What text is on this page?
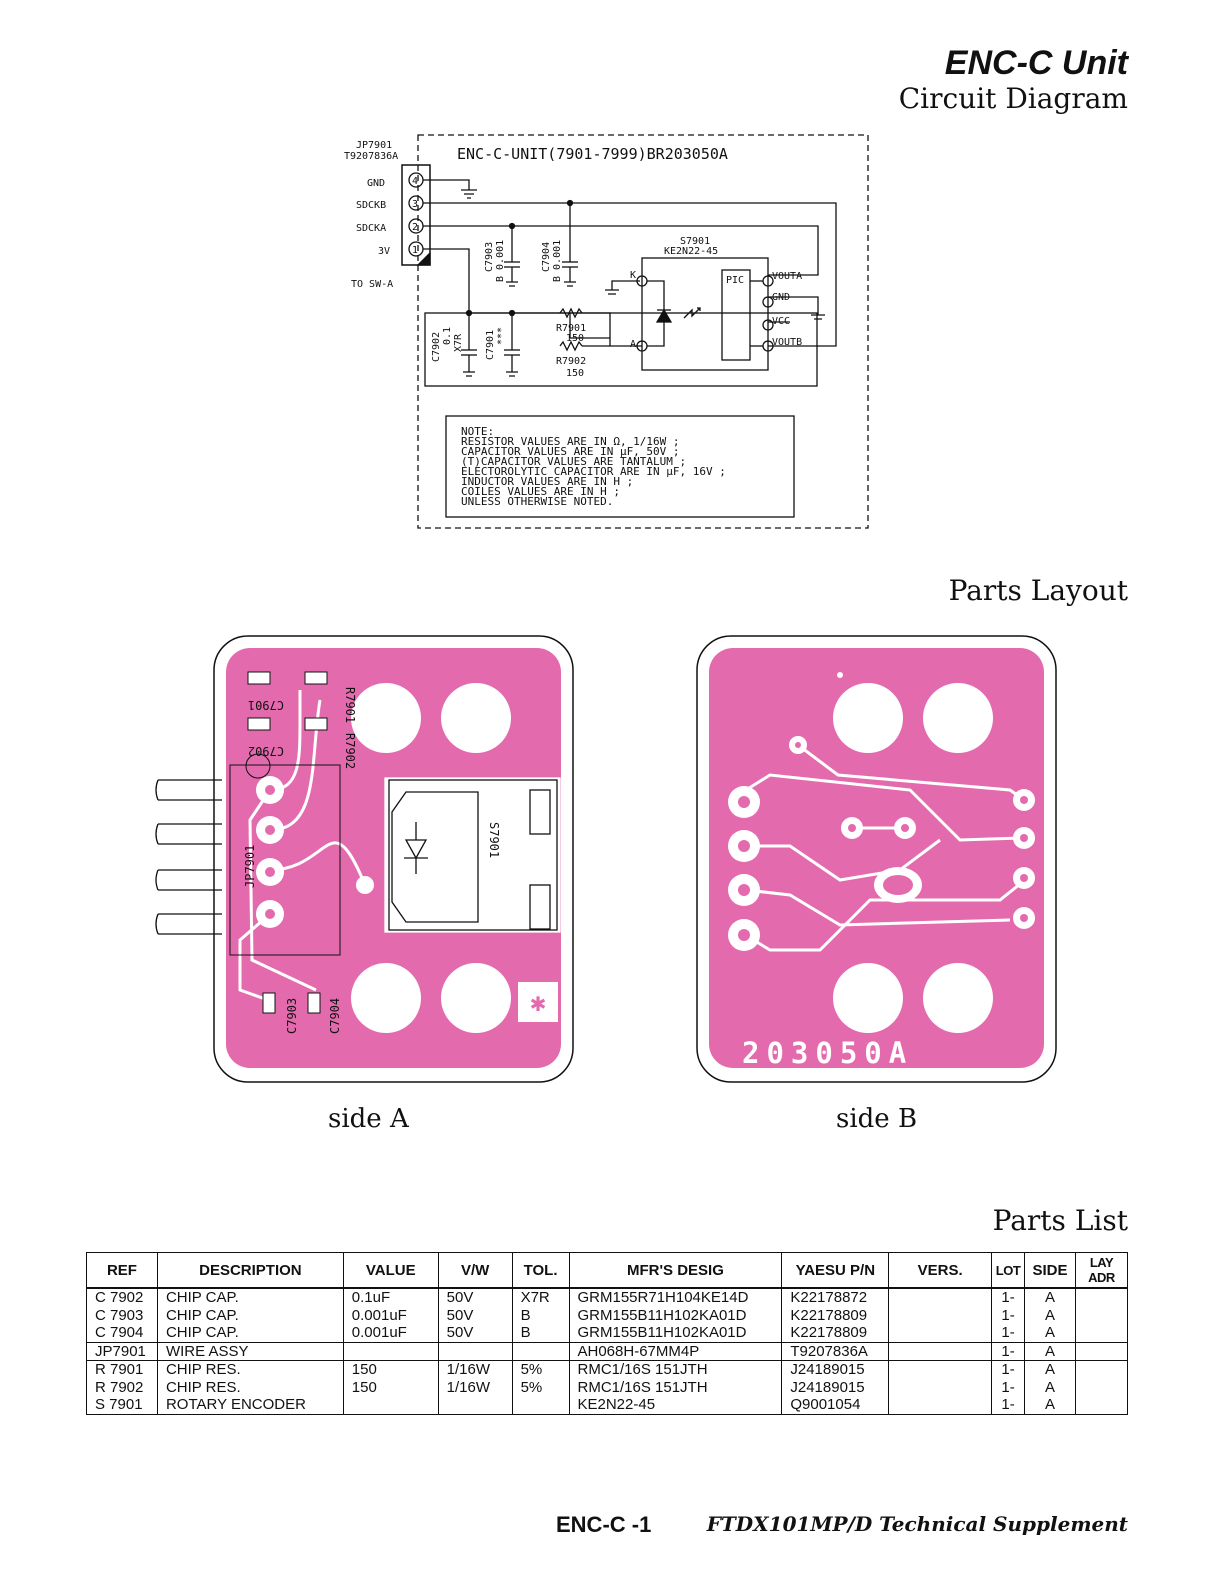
ENC-C Unit
Circuit Diagram
ENC-C-UNIT(7901-7999)BR203050A
JP7901
T9207836A
4
3
2
1
GND
SDCKB
SDCKA
3V
TO SW-A
C7903 B 0.001	C7904 B 0.001
C7902 0.1 X7R C7901 ***	R7901
150
R7902
150
S7901
KE2N22-45
PIC
K
A
VOUTA
GND
VCC
VOUTB
NOTE:
RESISTOR VALUES ARE IN Ω, 1/16W ;
CAPACITOR VALUES ARE IN μF, 50V ;
(T)CAPACITOR VALUES ARE TANTALUM ;
ELECTOROLYTIC CAPACITOR ARE IN μF, 16V ;
INDUCTOR VALUES ARE IN H ;
COILES VALUES ARE IN H ;
UNLESS OTHERWISE NOTED.
Parts Layout
✱
R7901
C7901
R7902
C7902
JP7901
S7901
C7903 C7904
203050A
side A	side B
Parts List
REF	DESCRIPTION	VALUE	V/W	TOL.	MFR'S DESIG	YAESU P/N	VERS.	LOT	SIDE	LAY ADR
C 7902	CHIP CAP.	0.1uF	50V	X7R	GRM155R71H104KE14D	K22178872		1-	A	
C 7903	CHIP CAP.	0.001uF	50V	B	GRM155B11H102KA01D	K22178809		1-	A	
C 7904	CHIP CAP.	0.001uF	50V	B	GRM155B11H102KA01D	K22178809		1-	A	
JP7901	WIRE ASSY				AH068H-67MM4P	T9207836A		1-	A	
R 7901	CHIP RES.	150	1/16W	5%	RMC1/16S 151JTH	J24189015		1-	A	
R 7902	CHIP RES.	150	1/16W	5%	RMC1/16S 151JTH	J24189015		1-	A	
S 7901	ROTARY ENCODER				KE2N22-45	Q9001054		1-	A	
ENC-C -1	FTDX101MP/D Technical Supplement
